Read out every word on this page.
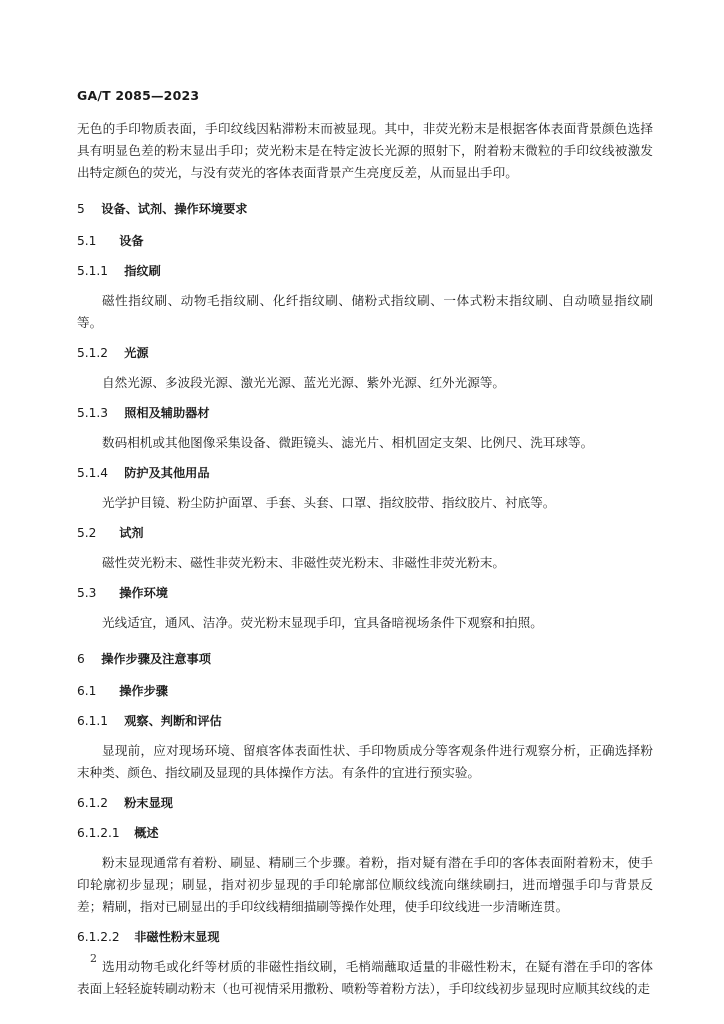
GA/T 2085—2023

无色的手印物质表面，手印纹线因粘滞粉末而被显现。其中，非荧光粉末是根据客体表面背景颜色选择具有明显色差的粉末显出手印；荧光粉末是在特定波长光源的照射下，附着粉末微粒的手印纹线被激发出特定颜色的荧光，与没有荧光的客体表面背景产生亮度反差，从而显出手印。

5 设备、试剂、操作环境要求
5.1 设备
5.1.1 指纹刷

磁性指纹刷、动物毛指纹刷、化纤指纹刷、储粉式指纹刷、一体式粉末指纹刷、自动喷显指纹刷等。

5.1.2 光源

自然光源、多波段光源、激光光源、蓝光光源、紫外光源、红外光源等。

5.1.3 照相及辅助器材

数码相机或其他图像采集设备、微距镜头、滤光片、相机固定支架、比例尺、洗耳球等。

5.1.4 防护及其他用品

光学护目镜、粉尘防护面罩、手套、头套、口罩、指纹胶带、指纹胶片、衬底等。

5.2 试剂

磁性荧光粉末、磁性非荧光粉末、非磁性荧光粉末、非磁性非荧光粉末。

5.3 操作环境

光线适宜，通风、洁净。荧光粉末显现手印，宜具备暗视场条件下观察和拍照。

6 操作步骤及注意事项
6.1 操作步骤
6.1.1 观察、判断和评估

显现前，应对现场环境、留痕客体表面性状、手印物质成分等客观条件进行观察分析，正确选择粉末种类、颜色、指纹刷及显现的具体操作方法。有条件的宜进行预实验。

6.1.2 粉末显现
6.1.2.1 概述

粉末显现通常有着粉、刷显、精刷三个步骤。着粉，指对疑有潜在手印的客体表面附着粉末，使手印轮廓初步显现；刷显，指对初步显现的手印轮廓部位顺纹线流向继续刷扫，进而增强手印与背景反差；精刷，指对已刷显出的手印纹线精细描刷等操作处理，使手印纹线进一步清晰连贯。

6.1.2.2 非磁性粉末显现

选用动物毛或化纤等材质的非磁性指纹刷，毛梢端蘸取适量的非磁性粉末，在疑有潜在手印的客体表面上轻轻旋转刷动粉末（也可视情采用撒粉、喷粉等着粉方法），手印纹线初步显现时应顺其纹线的走

2
